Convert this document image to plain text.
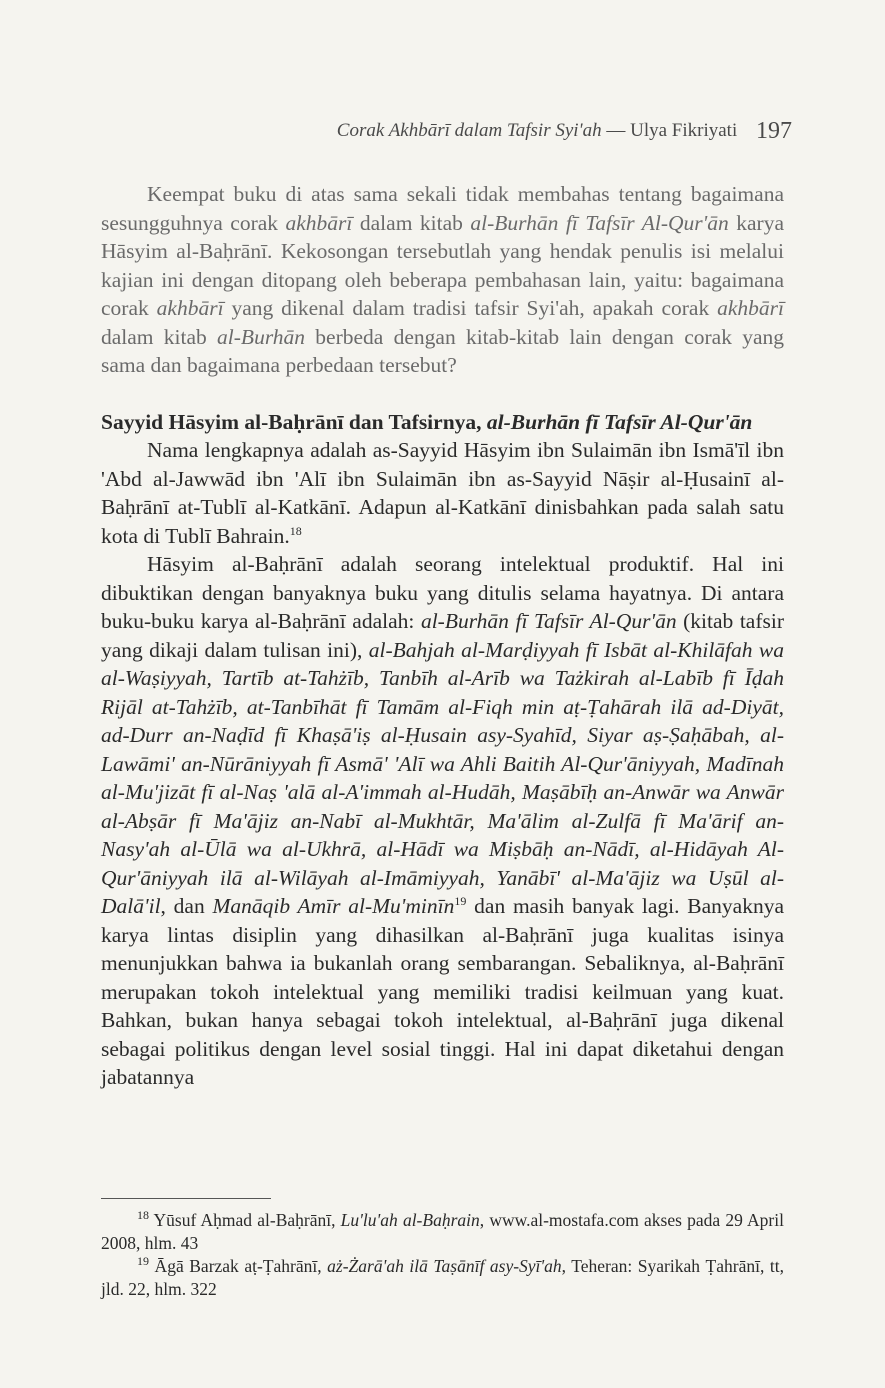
Corak Akhbārī dalam Tafsir Syi'ah — Ulya Fikriyati 197

Keempat buku di atas sama sekali tidak membahas tentang bagaimana sesungguhnya corak akhbārī dalam kitab al-Burhān fī Tafsīr Al-Qur'ān karya Hāsyim al-Baḥrānī. Kekosongan tersebutlah yang hendak penulis isi melalui kajian ini dengan ditopang oleh beberapa pembahasan lain, yaitu: bagaimana corak akhbārī yang dikenal dalam tradisi tafsir Syi'ah, apakah corak akhbārī dalam kitab al-Burhān berbeda dengan kitab-kitab lain dengan corak yang sama dan bagaimana perbedaan tersebut?

Sayyid Hāsyim al-Baḥrānī dan Tafsirnya, al-Burhān fī Tafsīr Al-Qur'ān

Nama lengkapnya adalah as-Sayyid Hāsyim ibn Sulaimān ibn Ismā'īl ibn 'Abd al-Jawwād ibn 'Alī ibn Sulaimān ibn as-Sayyid Nāṣir al-Ḥusainī al-Baḥrānī at-Tublī al-Katkānī. Adapun al-Katkānī dinisbahkan pada salah satu kota di Tublī Bahrain.$^{18}$

Hāsyim al-Baḥrānī adalah seorang intelektual produktif. Hal ini dibuktikan dengan banyaknya buku yang ditulis selama hayatnya. Di antara buku-buku karya al-Baḥrānī adalah: al-Burhān fī Tafsīr Al-Qur'ān (kitab tafsir yang dikaji dalam tulisan ini), al-Bahjah al-Marḍiyyah fī Isbāt al-Khilāfah wa al-Waṣiyyah, Tartīb at-Tahżīb, Tanbīh al-Arīb wa Tażkirah al-Labīb fī Īḍah Rijāl at-Tahżīb, at-Tanbīhāt fī Tamām al-Fiqh min aṭ-Ṭahārah ilā ad-Diyāt, ad-Durr an-Naḍīd fī Khaṣā'iṣ al-Ḥusain asy-Syahīd, Siyar aṣ-Ṣaḥābah, al-Lawāmi' an-Nūrāniyyah fī Asmā' 'Alī wa Ahli Baitih Al-Qur'āniyyah, Madīnah al-Mu'jizāt fī al-Naṣ 'alā al-A'immah al-Hudāh, Maṣābīḥ an-Anwār wa Anwār al-Abṣār fī Ma'ājiz an-Nabī al-Mukhtār, Ma'ālim al-Zulfā fī Ma'ārif an-Nasy'ah al-Ūlā wa al-Ukhrā, al-Hādī wa Miṣbāḥ an-Nādī, al-Hidāyah Al-Qur'āniyyah ilā al-Wilāyah al-Imāmiyyah, Yanābī' al-Ma'ājiz wa Uṣūl al-Dalā'il, dan Manāqib Amīr al-Mu'minīn$^{19}$ dan masih banyak lagi. Banyaknya karya lintas disiplin yang dihasilkan al-Baḥrānī juga kualitas isinya menunjukkan bahwa ia bukanlah orang sembarangan. Sebaliknya, al-Baḥrānī merupakan tokoh intelektual yang memiliki tradisi keilmuan yang kuat. Bahkan, bukan hanya sebagai tokoh intelektual, al-Baḥrānī juga dikenal sebagai politikus dengan level sosial tinggi. Hal ini dapat diketahui dengan jabatannya

$^{18}$ Yūsuf Aḥmad al-Baḥrānī, Lu'lu'ah al-Baḥrain, www.al-mostafa.com akses pada 29 April 2008, hlm. 43

$^{19}$ Āgā Barzak aṭ-Ṭahrānī, aż-Żarā'ah ilā Taṣānīf asy-Syī'ah, Teheran: Syarikah Ṭahrānī, tt, jld. 22, hlm. 322
